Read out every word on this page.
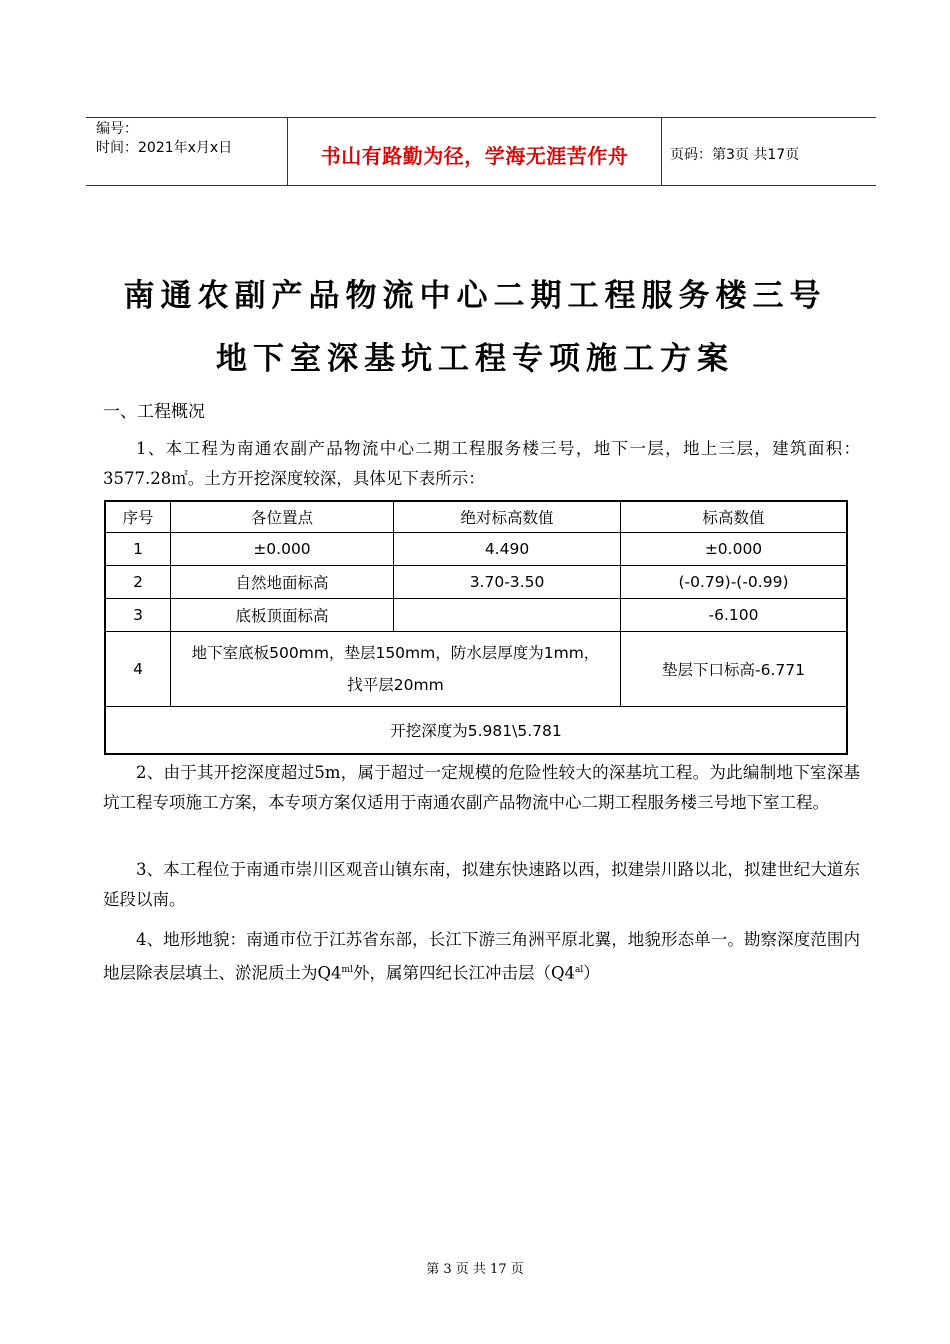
编号：
时间：2021年x月x日	书山有路勤为径，学海无涯苦作舟	页码：第3页 共17页
南通农副产品物流中心二期工程服务楼三号
地下室深基坑工程专项施工方案
一、工程概况
1、本工程为南通农副产品物流中心二期工程服务楼三号，地下一层，地上三层，建筑面积：3577.28㎡。土方开挖深度较深，具体见下表所示：
序号	各位置点	绝对标高数值	标高数值
1	±0.000	4.490	±0.000
2	自然地面标高	3.70-3.50	(-0.79)-(-0.99)
3	底板顶面标高		-6.100
4	地下室底板500mm，垫层150mm，防水层厚度为1mm，找平层20mm		垫层下口标高-6.771
开挖深度为5.981\5.781			
2、由于其开挖深度超过5m，属于超过一定规模的危险性较大的深基坑工程。为此编制地下室深基坑工程专项施工方案，本专项方案仅适用于南通农副产品物流中心二期工程服务楼三号地下室工程。
3、本工程位于南通市崇川区观音山镇东南，拟建东快速路以西，拟建崇川路以北，拟建世纪大道东延段以南。
4、地形地貌：南通市位于江苏省东部，长江下游三角洲平原北翼，地貌形态单一。勘察深度范围内地层除表层填土、淤泥质土为$Q4^{ml}$外，属第四纪长江冲击层$(Q4^{al})$
第 3 页 共 17 页
